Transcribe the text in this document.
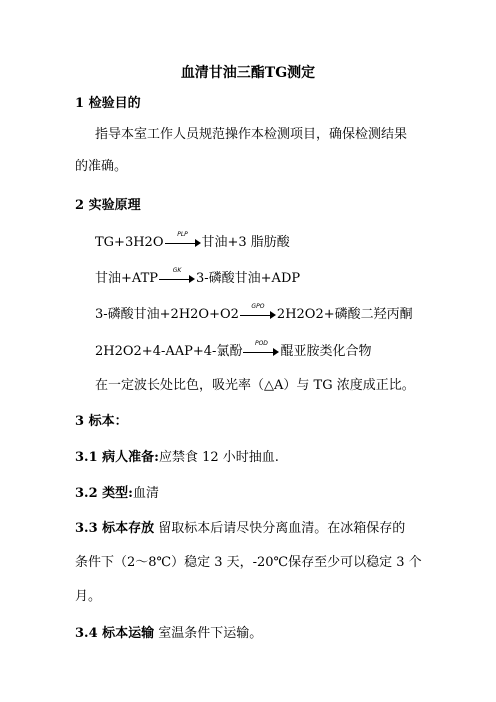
血清甘油三酯TG测定
1 检验目的
指导本室工作人员规范操作本检测项目，确保检测结果
的准确。
2 实验原理
TG+3H2O
PLP
甘油+3 脂肪酸
甘油+ATP
GK
3-磷酸甘油+ADP
3-磷酸甘油+2H2O+O2
GPO
2H2O2+磷酸二羟丙酮
2H2O2+4-AAP+4-氯酚
POD
醌亚胺类化合物
在一定波长处比色，吸光率（△A）与 TG 浓度成正比。
3 标本：
3.1 病人准备:应禁食 12 小时抽血.
3.2 类型:血清
3.3 标本存放 留取标本后请尽快分离血清。在冰箱保存的
条件下（2～8℃）稳定 3 天，-20℃保存至少可以稳定 3 个
月。
3.4 标本运输 室温条件下运输。
